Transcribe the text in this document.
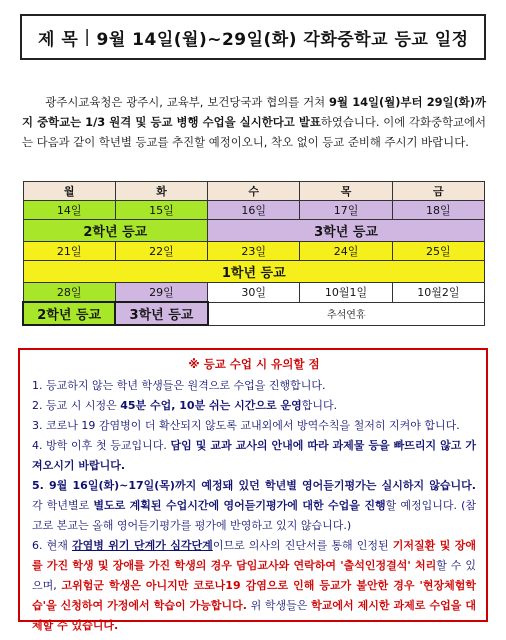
제 목 | 9월 14일(월)~29일(화) 각화중학교 등교 일정

광주시교육청은 광주시, 교육부, 보건당국과 협의를 거쳐 9월 14일(월)부터 29일(화)까지 중학교는 1/3 원격 및 등교 병행 수업을 실시한다고 발표하였습니다. 이에 각화중학교에서는 다음과 같이 학년별 등교를 추진할 예정이오니, 착오 없이 등교 준비해 주시기 바랍니다.

월	화	수	목	금
14일	15일	16일	17일	18일
2학년 등교		3학년 등교		
21일	22일	23일	24일	25일
1학년 등교				
28일	29일	30일	10월1일	10월2일
2학년 등교	3학년 등교	추석연휴		
※ 등교 수업 시 유의할 점

1. 등교하지 않는 학년 학생들은 원격으로 수업을 진행합니다.

2. 등교 시 시정은 45분 수업, 10분 쉬는 시간으로 운영합니다.

3. 코로나 19 감염병이 더 확산되지 않도록 교내외에서 방역수칙을 철저히 지켜야 합니다.

4. 방학 이후 첫 등교입니다. 담임 및 교과 교사의 안내에 따라 과제물 등을 빠뜨리지 않고 가져오시기 바랍니다.

5. 9월 16일(화)~17일(목)까지 예정돼 있던 학년별 영어듣기평가는 실시하지 않습니다. 각 학년별로 별도로 계획된 수업시간에 영어듣기평가에 대한 수업을 진행할 예정입니다. (참고로 본교는 올해 영어듣기평가를 평가에 반영하고 있지 않습니다.)

6. 현재 감염병 위기 단계가 심각단계이므로 의사의 진단서를 통해 인정된 기저질환 및 장애를 가진 학생 및 장애를 가진 학생의 경우 담임교사와 연락하여 '출석인정결석' 처리할 수 있으며, 고위험군 학생은 아니지만 코로나19 감염으로 인해 등교가 불안한 경우 '현장체험학습'을 신청하여 가정에서 학습이 가능합니다. 위 학생들은 학교에서 제시한 과제로 수업을 대체할 수 있습니다.
